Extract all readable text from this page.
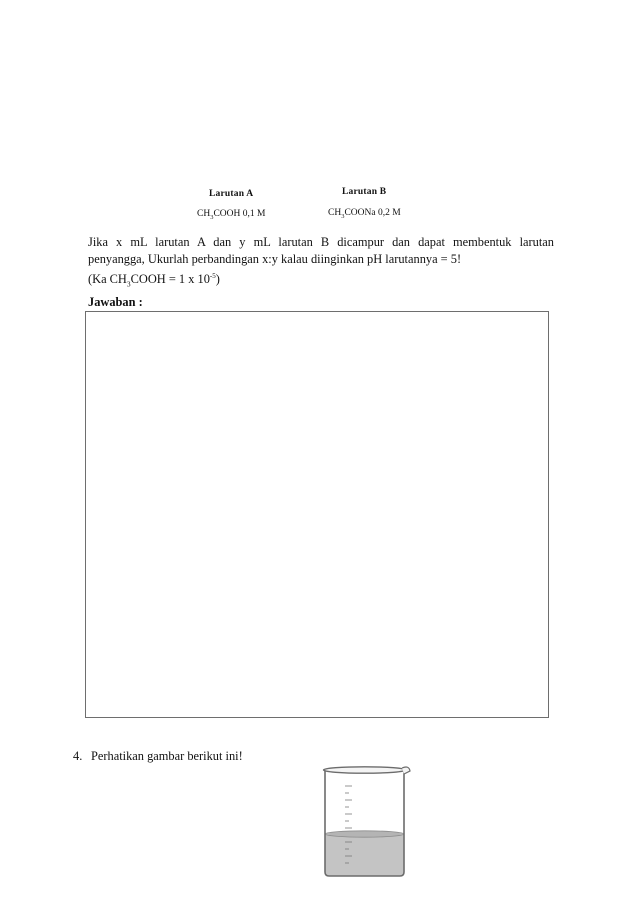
Larutan A
$CH_3COOH$ 0,1 M
Larutan B
$CH_3COONa$ 0,2 M
Jika x mL larutan A dan y mL larutan B dicampur dan dapat membentuk larutan
penyangga, Ukurlah perbandingan x:y kalau diinginkan pH larutannya = 5!
(Ka $CH_3COOH = 1$ x $10^{-5}$)
Jawaban :
4. Perhatikan gambar berikut ini!
